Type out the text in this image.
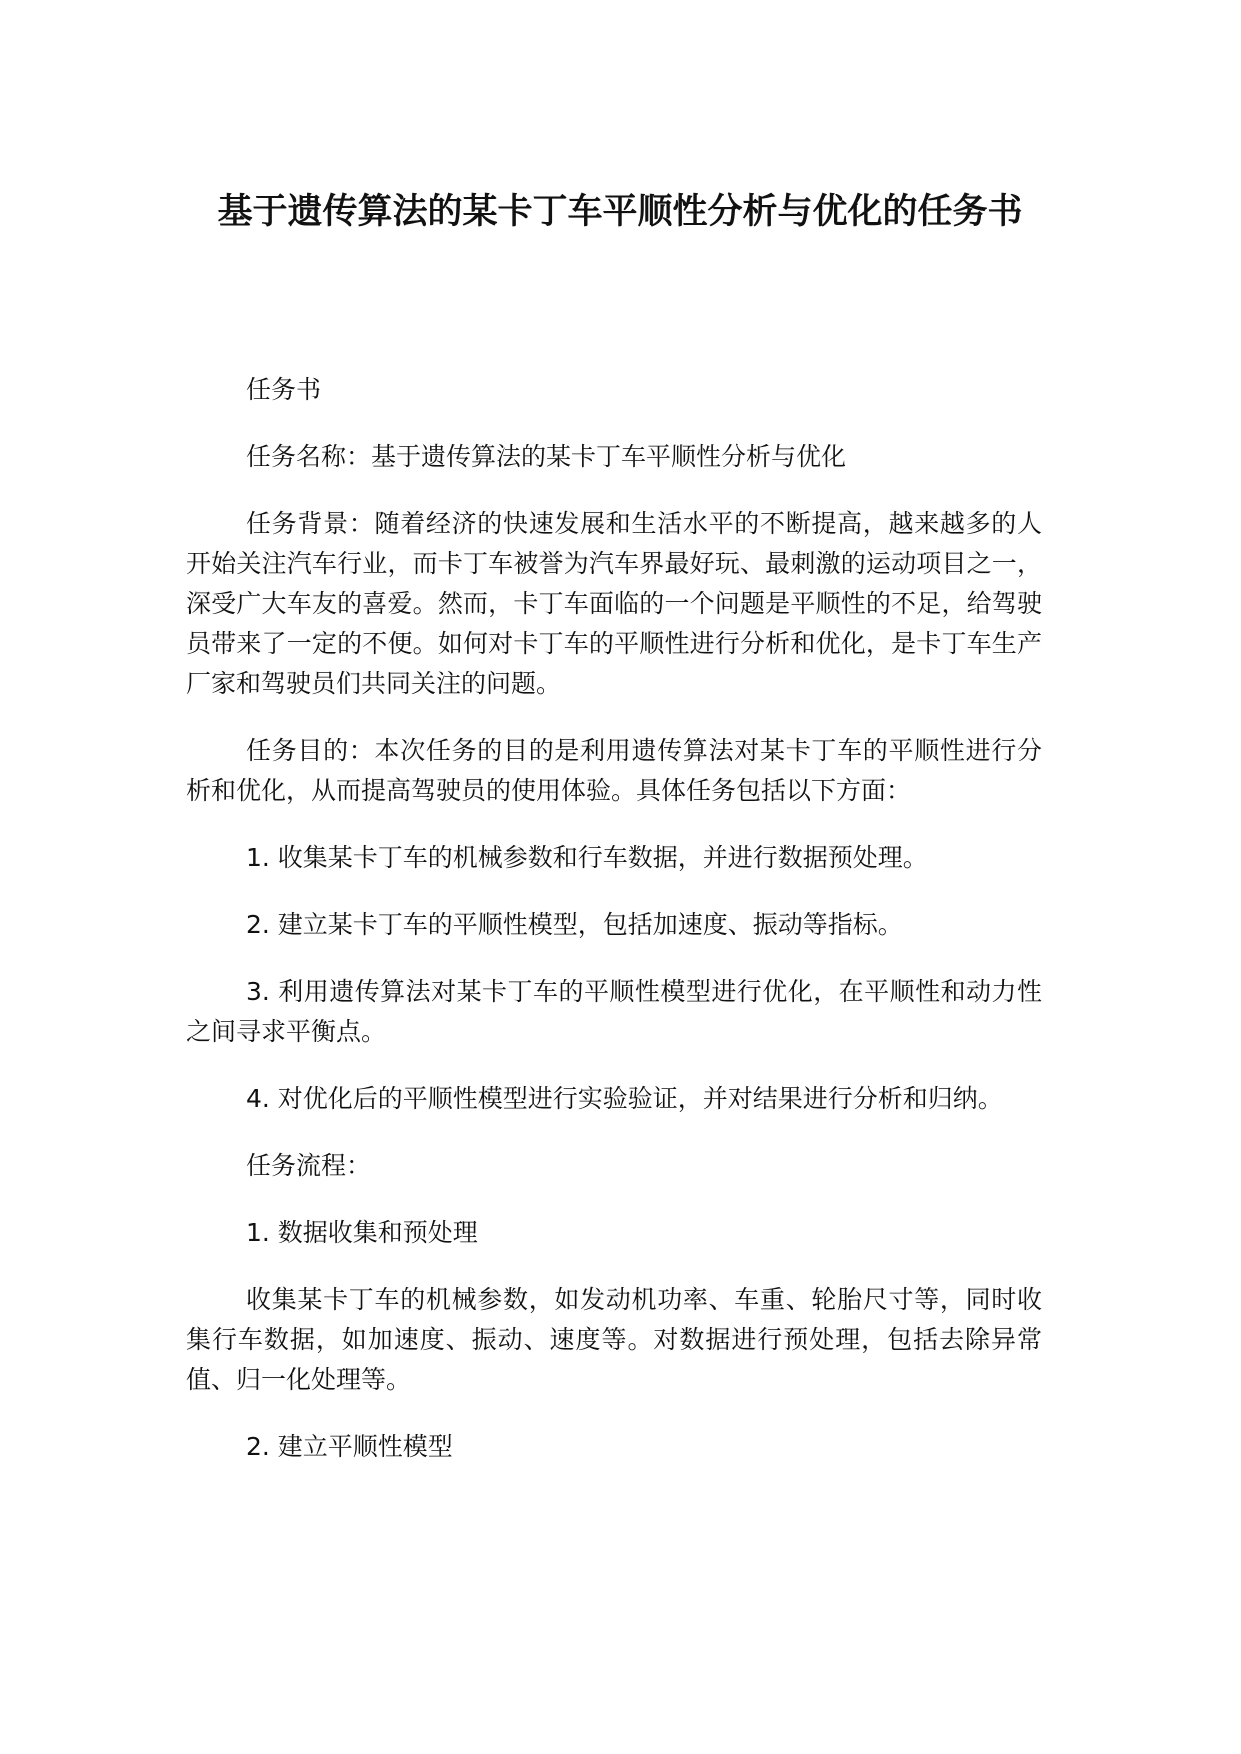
基于遗传算法的某卡丁车平顺性分析与优化的任务书

任务书

任务名称：基于遗传算法的某卡丁车平顺性分析与优化

任务背景：随着经济的快速发展和生活水平的不断提高，越来越多的人开始关注汽车行业，而卡丁车被誉为汽车界最好玩、最刺激的运动项目之一，深受广大车友的喜爱。然而，卡丁车面临的一个问题是平顺性的不足，给驾驶员带来了一定的不便。如何对卡丁车的平顺性进行分析和优化，是卡丁车生产厂家和驾驶员们共同关注的问题。

任务目的：本次任务的目的是利用遗传算法对某卡丁车的平顺性进行分析和优化，从而提高驾驶员的使用体验。具体任务包括以下方面：

1. 收集某卡丁车的机械参数和行车数据，并进行数据预处理。

2. 建立某卡丁车的平顺性模型，包括加速度、振动等指标。

3. 利用遗传算法对某卡丁车的平顺性模型进行优化，在平顺性和动力性之间寻求平衡点。

4. 对优化后的平顺性模型进行实验验证，并对结果进行分析和归纳。

任务流程：

1. 数据收集和预处理

收集某卡丁车的机械参数，如发动机功率、车重、轮胎尺寸等，同时收集行车数据，如加速度、振动、速度等。对数据进行预处理，包括去除异常值、归一化处理等。

2. 建立平顺性模型
